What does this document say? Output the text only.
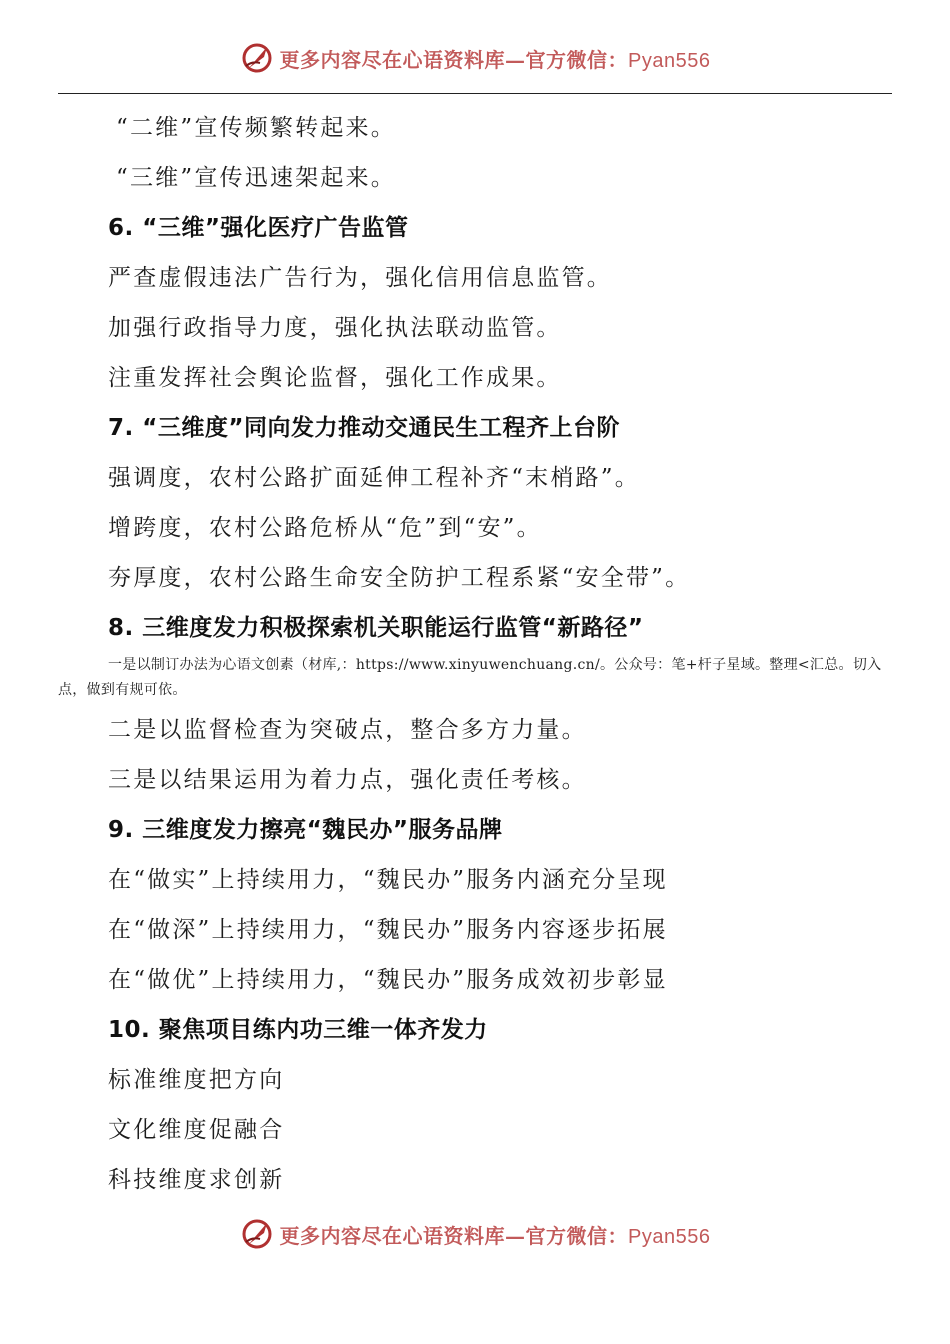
更多内容尽在心语资料库—官方微信：Pyan556
“二维”宣传频繁转起来。
“三维”宣传迅速架起来。
6. “三维”强化医疗广告监管
严查虚假违法广告行为，强化信用信息监管。
加强行政指导力度，强化执法联动监管。
注重发挥社会舆论监督，强化工作成果。
7. “三维度”同向发力推动交通民生工程齐上台阶
强调度，农村公路扩面延伸工程补齐“末梢路”。
增跨度，农村公路危桥从“危”到“安”。
夯厚度，农村公路生命安全防护工程系紧“安全带”。
8. 三维度发力积极探索机关职能运行监管“新路径”
一是以制订办法为心语文创素（材库,：https://www.xinyuwenchuang.cn/。公众号：笔+杆子星域。整理<汇总。切入点，做到有规可依。
二是以监督检查为突破点，整合多方力量。
三是以结果运用为着力点，强化责任考核。
9. 三维度发力擦亮“魏民办”服务品牌
在“做实”上持续用力，“魏民办”服务内涵充分呈现
在“做深”上持续用力，“魏民办”服务内容逐步拓展
在“做优”上持续用力，“魏民办”服务成效初步彰显
10. 聚焦项目练内功三维一体齐发力
标准维度把方向
文化维度促融合
科技维度求创新
更多内容尽在心语资料库—官方微信：Pyan556
